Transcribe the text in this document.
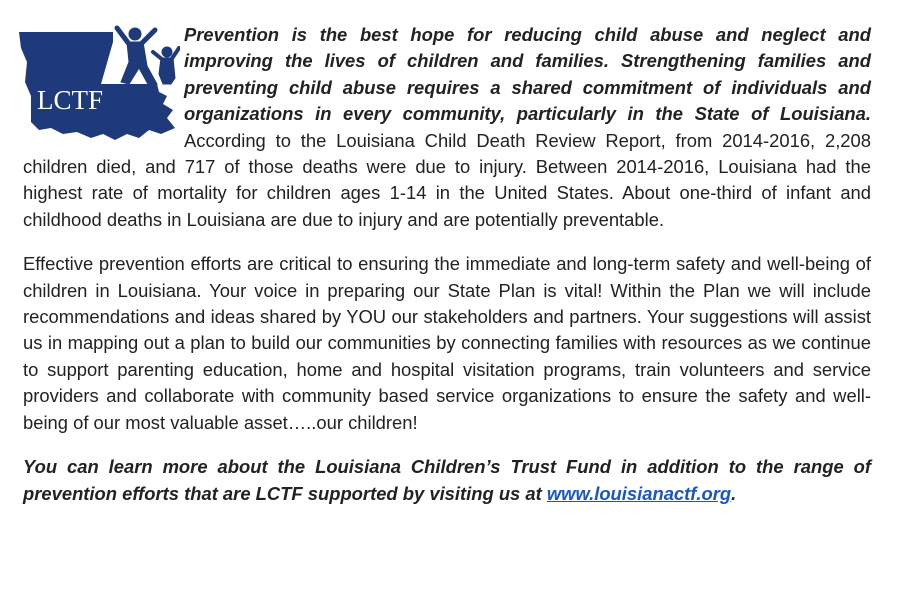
LCTF

Prevention is the best hope for reducing child abuse and neglect and improving the lives of children and families. Strengthening families and preventing child abuse requires a shared commitment of individuals and organizations in every community, particularly in the State of Louisiana. According to the Louisiana Child Death Review Report, from 2014-2016, 2,208 children died, and 717 of those deaths were due to injury. Between 2014-2016, Louisiana had the highest rate of mortality for children ages 1-14 in the United States. About one-third of infant and childhood deaths in Louisiana are due to injury and are potentially preventable.

Effective prevention efforts are critical to ensuring the immediate and long-term safety and well-being of children in Louisiana. Your voice in preparing our State Plan is vital! Within the Plan we will include recommendations and ideas shared by YOU our stakeholders and partners. Your suggestions will assist us in mapping out a plan to build our communities by connecting families with resources as we continue to support parenting education, home and hospital visitation programs, train volunteers and service providers and collaborate with community based service organizations to ensure the safety and well-being of our most valuable asset…..our children!

You can learn more about the Louisiana Children’s Trust Fund in addition to the range of prevention efforts that are LCTF supported by visiting us at www.louisianactf.org.
